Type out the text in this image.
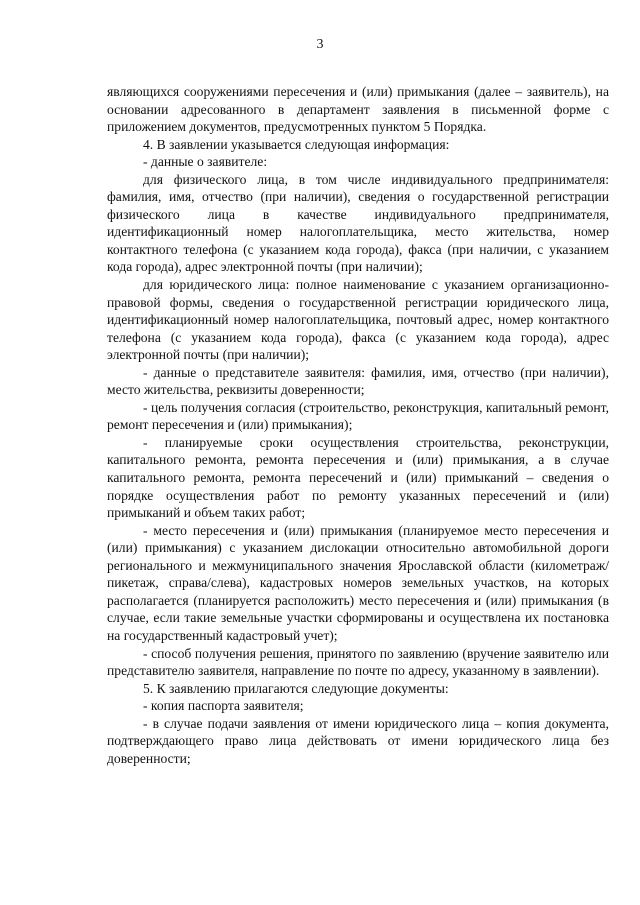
3

являющихся сооружениями пересечения и (или) примыкания (далее – заявитель), на основании адресованного в департамент заявления в письменной форме с приложением документов, предусмотренных пунктом 5 Порядка.

4. В заявлении указывается следующая информация:

- данные о заявителе:

для физического лица, в том числе индивидуального предпринимателя: фамилия, имя, отчество (при наличии), сведения о государственной регистрации физического лица в качестве индивидуального предпринимателя, идентификационный номер налогоплательщика, место жительства, номер контактного телефона (с указанием кода города), факса (при наличии, с указанием кода города), адрес электронной почты (при наличии);

для юридического лица: полное наименование с указанием организационно-правовой формы, сведения о государственной регистрации юридического лица, идентификационный номер налогоплательщика, почтовый адрес, номер контактного телефона (с указанием кода города), факса (с указанием кода города), адрес электронной почты (при наличии);

- данные о представителе заявителя: фамилия, имя, отчество (при наличии), место жительства, реквизиты доверенности;

- цель получения согласия (строительство, реконструкция, капитальный ремонт, ремонт пересечения и (или) примыкания);

- планируемые сроки осуществления строительства, реконструкции, капитального ремонта, ремонта пересечения и (или) примыкания, а в случае капитального ремонта, ремонта пересечений и (или) примыканий – сведения о порядке осуществления работ по ремонту указанных пересечений и (или) примыканий и объем таких работ;

- место пересечения и (или) примыкания (планируемое место пересечения и (или) примыкания) с указанием дислокации относительно автомобильной дороги регионального и межмуниципального значения Ярославской области (километраж/пикетаж, справа/слева), кадастровых номеров земельных участков, на которых располагается (планируется расположить) место пересечения и (или) примыкания (в случае, если такие земельные участки сформированы и осуществлена их постановка на государственный кадастровый учет);

- способ получения решения, принятого по заявлению (вручение заявителю или представителю заявителя, направление по почте по адресу, указанному в заявлении).

5. К заявлению прилагаются следующие документы:

- копия паспорта заявителя;

- в случае подачи заявления от имени юридического лица – копия документа, подтверждающего право лица действовать от имени юридического лица без доверенности;
